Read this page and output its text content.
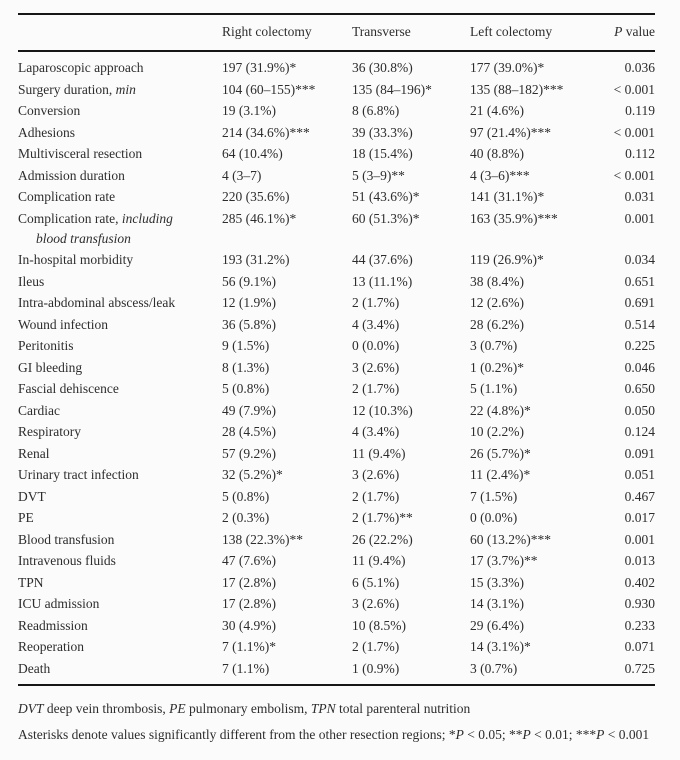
	Right colectomy	Transverse	Left colectomy	P value
Laparoscopic approach	197 (31.9%)*	36 (30.8%)	177 (39.0%)*	0.036
Surgery duration, min	104 (60–155)***	135 (84–196)*	135 (88–182)***	< 0.001
Conversion	19 (3.1%)	8 (6.8%)	21 (4.6%)	0.119
Adhesions	214 (34.6%)***	39 (33.3%)	97 (21.4%)***	< 0.001
Multivisceral resection	64 (10.4%)	18 (15.4%)	40 (8.8%)	0.112
Admission duration	4 (3–7)	5 (3–9)**	4 (3–6)***	< 0.001
Complication rate	220 (35.6%)	51 (43.6%)*	141 (31.1%)*	0.031
Complication rate, including
blood transfusion	285 (46.1%)*	60 (51.3%)*	163 (35.9%)***	0.001
In-hospital morbidity	193 (31.2%)	44 (37.6%)	119 (26.9%)*	0.034
Ileus	56 (9.1%)	13 (11.1%)	38 (8.4%)	0.651
Intra-abdominal abscess/leak	12 (1.9%)	2 (1.7%)	12 (2.6%)	0.691
Wound infection	36 (5.8%)	4 (3.4%)	28 (6.2%)	0.514
Peritonitis	9 (1.5%)	0 (0.0%)	3 (0.7%)	0.225
GI bleeding	8 (1.3%)	3 (2.6%)	1 (0.2%)*	0.046
Fascial dehiscence	5 (0.8%)	2 (1.7%)	5 (1.1%)	0.650
Cardiac	49 (7.9%)	12 (10.3%)	22 (4.8%)*	0.050
Respiratory	28 (4.5%)	4 (3.4%)	10 (2.2%)	0.124
Renal	57 (9.2%)	11 (9.4%)	26 (5.7%)*	0.091
Urinary tract infection	32 (5.2%)*	3 (2.6%)	11 (2.4%)*	0.051
DVT	5 (0.8%)	2 (1.7%)	7 (1.5%)	0.467
PE	2 (0.3%)	2 (1.7%)**	0 (0.0%)	0.017
Blood transfusion	138 (22.3%)**	26 (22.2%)	60 (13.2%)***	0.001
Intravenous fluids	47 (7.6%)	11 (9.4%)	17 (3.7%)**	0.013
TPN	17 (2.8%)	6 (5.1%)	15 (3.3%)	0.402
ICU admission	17 (2.8%)	3 (2.6%)	14 (3.1%)	0.930
Readmission	30 (4.9%)	10 (8.5%)	29 (6.4%)	0.233
Reoperation	7 (1.1%)*	2 (1.7%)	14 (3.1%)*	0.071
Death	7 (1.1%)	1 (0.9%)	3 (0.7%)	0.725

DVT deep vein thrombosis, PE pulmonary embolism, TPN total parenteral nutrition

Asterisks denote values significantly different from the other resection regions; *P < 0.05; **P < 0.01; ***P < 0.001
